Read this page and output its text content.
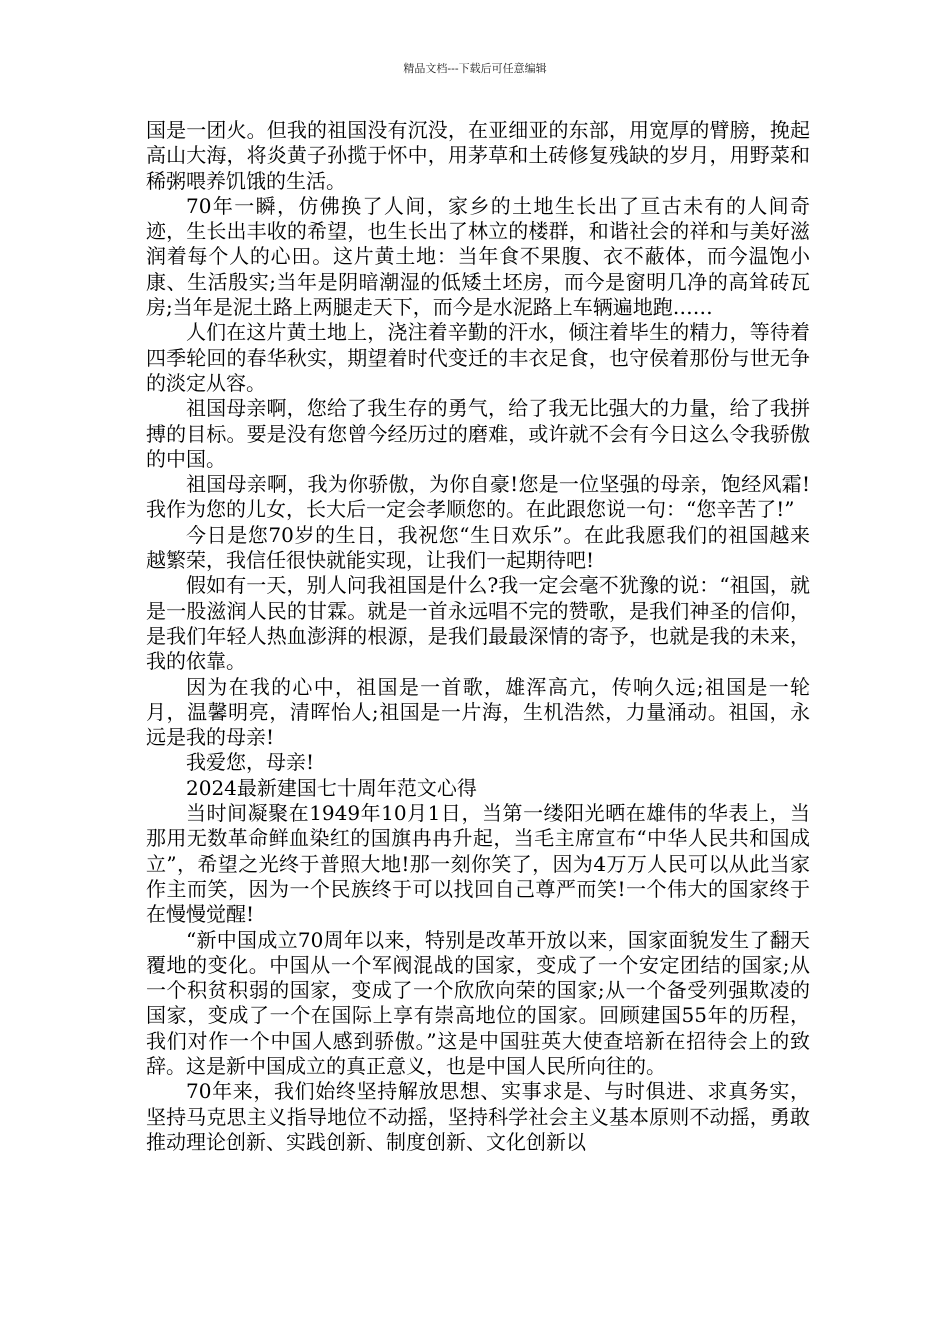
精品文档---下载后可任意编辑

国是一团火。但我的祖国没有沉没，在亚细亚的东部，用宽厚的臂膀，挽起高山大海，将炎黄子孙揽于怀中，用茅草和土砖修复残缺的岁月，用野菜和稀粥喂养饥饿的生活。

70年一瞬，仿佛换了人间，家乡的土地生长出了亘古未有的人间奇迹，生长出丰收的希望，也生长出了林立的楼群，和谐社会的祥和与美好滋润着每个人的心田。这片黄土地：当年食不果腹、衣不蔽体，而今温饱小康、生活殷实;当年是阴暗潮湿的低矮土坯房，而今是窗明几净的高耸砖瓦房;当年是泥土路上两腿走天下，而今是水泥路上车辆遍地跑……

人们在这片黄土地上，浇注着辛勤的汗水，倾注着毕生的精力，等待着四季轮回的春华秋实，期望着时代变迁的丰衣足食，也守侯着那份与世无争的淡定从容。

祖国母亲啊，您给了我生存的勇气，给了我无比强大的力量，给了我拼搏的目标。要是没有您曾今经历过的磨难，或许就不会有今日这么令我骄傲的中国。

祖国母亲啊，我为你骄傲，为你自豪!您是一位坚强的母亲，饱经风霜!我作为您的儿女，长大后一定会孝顺您的。在此跟您说一句：“您辛苦了!”

今日是您70岁的生日，我祝您“生日欢乐”。在此我愿我们的祖国越来越繁荣，我信任很快就能实现，让我们一起期待吧!

假如有一天，别人问我祖国是什么?我一定会毫不犹豫的说：“祖国，就是一股滋润人民的甘霖。就是一首永远唱不完的赞歌，是我们神圣的信仰，是我们年轻人热血澎湃的根源，是我们最最深情的寄予，也就是我的未来，我的依靠。

因为在我的心中，祖国是一首歌，雄浑高亢，传响久远;祖国是一轮月，温馨明亮，清晖怡人;祖国是一片海，生机浩然，力量涌动。祖国，永远是我的母亲!

我爱您，母亲!

2024最新建国七十周年范文心得

当时间凝聚在1949年10月1日，当第一缕阳光晒在雄伟的华表上，当那用无数革命鲜血染红的国旗冉冉升起，当毛主席宣布“中华人民共和国成立”，希望之光终于普照大地!那一刻你笑了，因为4万万人民可以从此当家作主而笑，因为一个民族终于可以找回自己尊严而笑!一个伟大的国家终于在慢慢觉醒!

“新中国成立70周年以来，特别是改革开放以来，国家面貌发生了翻天覆地的变化。中国从一个军阀混战的国家，变成了一个安定团结的国家;从一个积贫积弱的国家，变成了一个欣欣向荣的国家;从一个备受列强欺凌的国家，变成了一个在国际上享有崇高地位的国家。回顾建国55年的历程，我们对作一个中国人感到骄傲。”这是中国驻英大使查培新在招待会上的致辞。这是新中国成立的真正意义，也是中国人民所向往的。

70年来，我们始终坚持解放思想、实事求是、与时俱进、求真务实，坚持马克思主义指导地位不动摇，坚持科学社会主义基本原则不动摇，勇敢推动理论创新、实践创新、制度创新、文化创新以
